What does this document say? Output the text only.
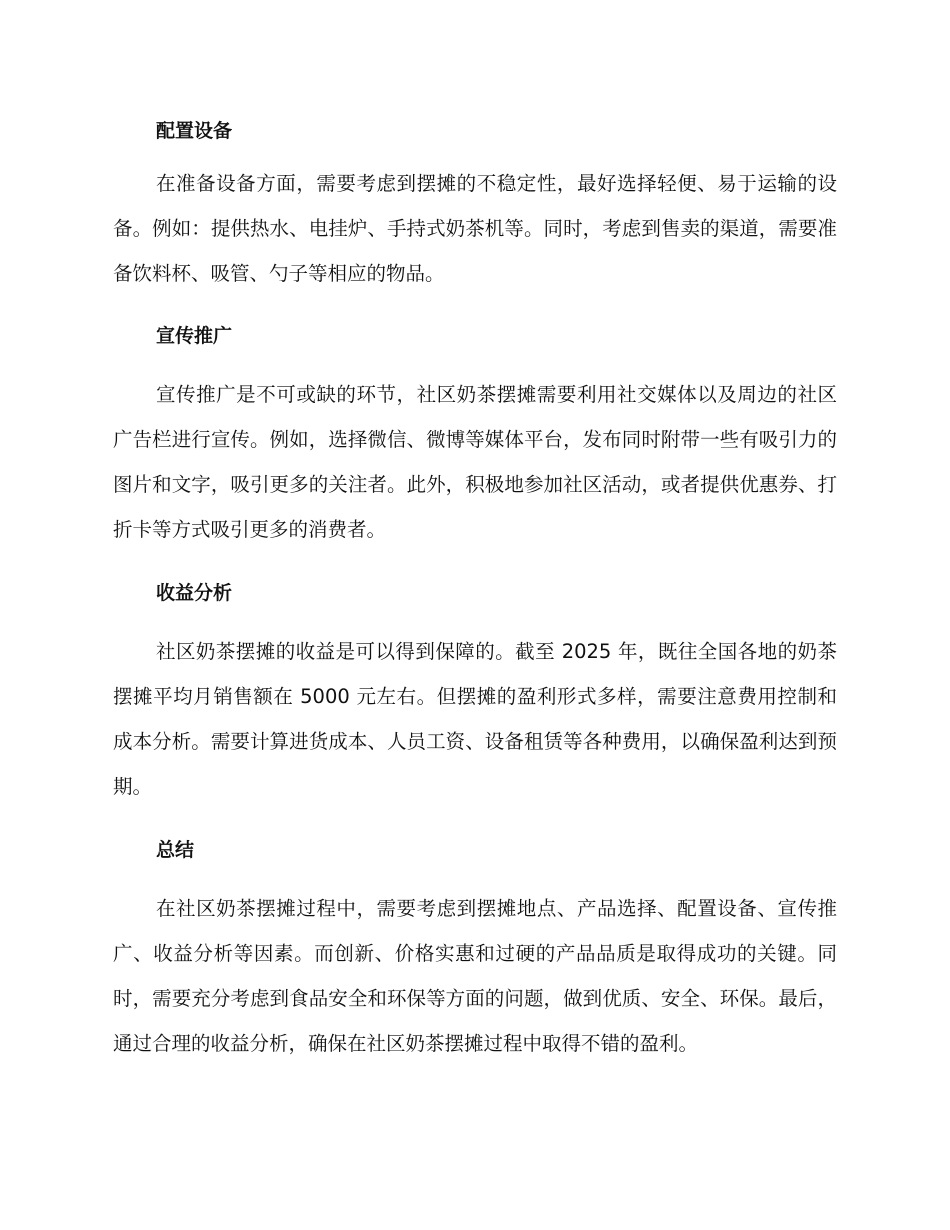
配置设备

在准备设备方面，需要考虑到摆摊的不稳定性，最好选择轻便、易于运输的设备。例如：提供热水、电挂炉、手持式奶茶机等。同时，考虑到售卖的渠道，需要准备饮料杯、吸管、勺子等相应的物品。

宣传推广

宣传推广是不可或缺的环节，社区奶茶摆摊需要利用社交媒体以及周边的社区广告栏进行宣传。例如，选择微信、微博等媒体平台，发布同时附带一些有吸引力的图片和文字，吸引更多的关注者。此外，积极地参加社区活动，或者提供优惠券、打折卡等方式吸引更多的消费者。

收益分析

社区奶茶摆摊的收益是可以得到保障的。截至 2025 年，既往全国各地的奶茶摆摊平均月销售额在 5000 元左右。但摆摊的盈利形式多样，需要注意费用控制和成本分析。需要计算进货成本、人员工资、设备租赁等各种费用，以确保盈利达到预期。

总结

在社区奶茶摆摊过程中，需要考虑到摆摊地点、产品选择、配置设备、宣传推广、收益分析等因素。而创新、价格实惠和过硬的产品品质是取得成功的关键。同时，需要充分考虑到食品安全和环保等方面的问题，做到优质、安全、环保。最后，通过合理的收益分析，确保在社区奶茶摆摊过程中取得不错的盈利。
